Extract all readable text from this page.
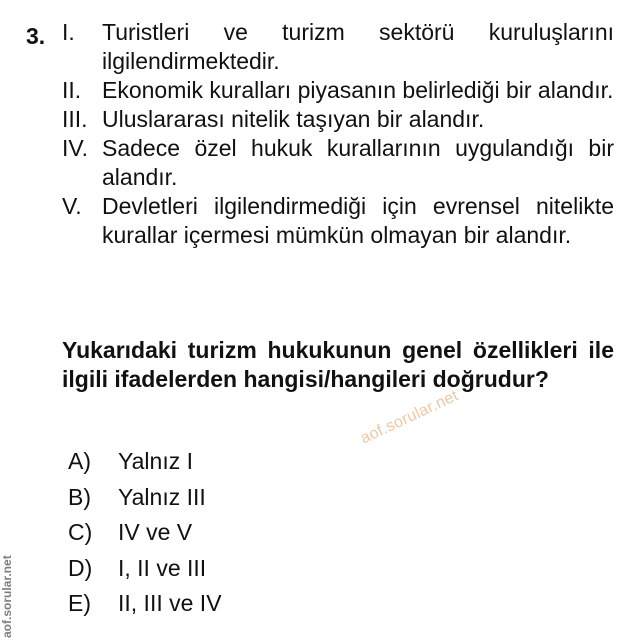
3. I.	Turistleri ve turizm sektörü kuruluşlarını ilgilendirmektedir.
II. Ekonomik kuralları piyasanın belirlediği bir alandır.
III. Uluslararası nitelik taşıyan bir alandır.
IV. Sadece özel hukuk kurallarının uygulandığı bir alandır.
V. Devletleri ilgilendirmediği için evrensel nitelikte kurallar içermesi mümkün olmayan bir alandır.
Yukarıdaki turizm hukukunun genel özellikleri ile ilgili ifadelerden hangisi/hangileri doğrudur?
A)	Yalnız I
B)	Yalnız III
C)	IV ve V
D)	I, II ve III
E)	II, III ve IV
aof.sorular.net
aof.sorular.net
